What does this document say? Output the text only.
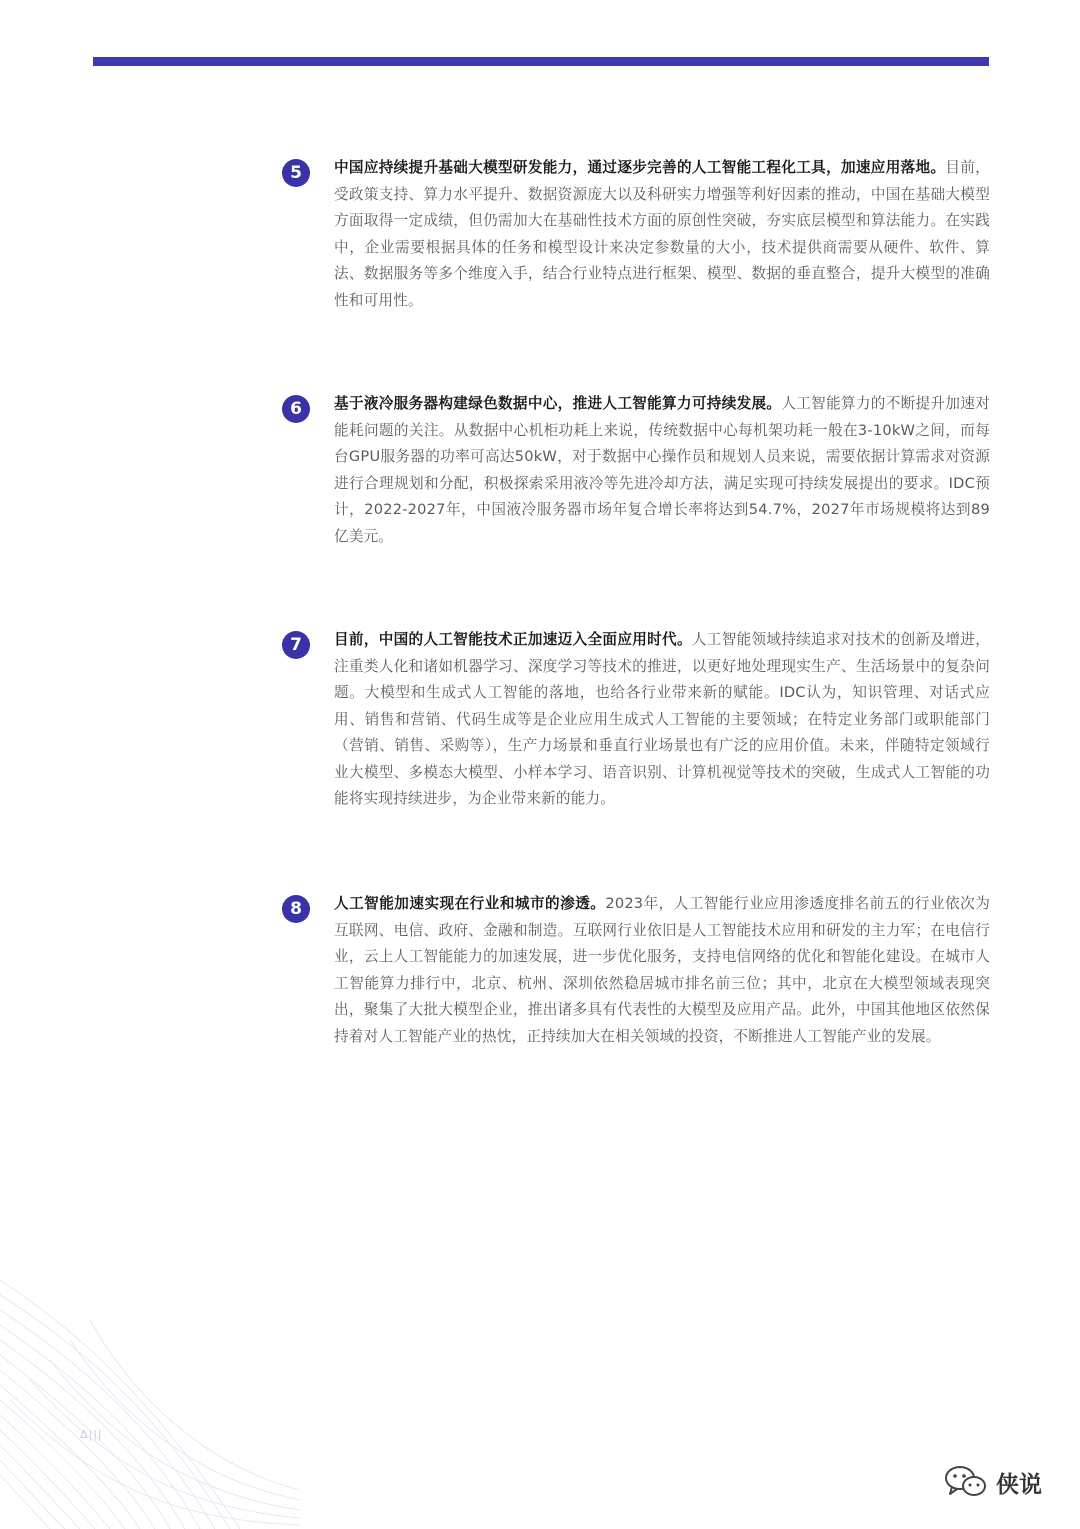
5	中国应持续提升基础大模型研发能力，通过逐步完善的人工智能工程化工具，加速应用落地。目前，受政策支持、算力水平提升、数据资源庞大以及科研实力增强等利好因素的推动，中国在基础大模型方面取得一定成绩，但仍需加大在基础性技术方面的原创性突破，夯实底层模型和算法能力。在实践中，企业需要根据具体的任务和模型设计来决定参数量的大小，技术提供商需要从硬件、软件、算法、数据服务等多个维度入手，结合行业特点进行框架、模型、数据的垂直整合，提升大模型的准确性和可用性。

6	基于液冷服务器构建绿色数据中心，推进人工智能算力可持续发展。人工智能算力的不断提升加速对能耗问题的关注。从数据中心机柜功耗上来说，传统数据中心每机架功耗一般在3-10kW之间，而每台GPU服务器的功率可高达50kW，对于数据中心操作员和规划人员来说，需要依据计算需求对资源进行合理规划和分配，积极探索采用液冷等先进冷却方法，满足实现可持续发展提出的要求。IDC预计，2022-2027年，中国液冷服务器市场年复合增长率将达到54.7%，2027年市场规模将达到89亿美元。

7	目前，中国的人工智能技术正加速迈入全面应用时代。人工智能领域持续追求对技术的创新及增进，注重类人化和诸如机器学习、深度学习等技术的推进，以更好地处理现实生产、生活场景中的复杂问题。大模型和生成式人工智能的落地，也给各行业带来新的赋能。IDC认为，知识管理、对话式应用、销售和营销、代码生成等是企业应用生成式人工智能的主要领域；在特定业务部门或职能部门（营销、销售、采购等），生产力场景和垂直行业场景也有广泛的应用价值。未来，伴随特定领域行业大模型、多模态大模型、小样本学习、语音识别、计算机视觉等技术的突破，生成式人工智能的功能将实现持续进步，为企业带来新的能力。

8	人工智能加速实现在行业和城市的渗透。2023年，人工智能行业应用渗透度排名前五的行业依次为互联网、电信、政府、金融和制造。互联网行业依旧是人工智能技术应用和研发的主力军；在电信行业，云上人工智能能力的加速发展，进一步优化服务，支持电信网络的优化和智能化建设。在城市人工智能算力排行中，北京、杭州、深圳依然稳居城市排名前三位；其中，北京在大模型领域表现突出，聚集了大批大模型企业，推出诸多具有代表性的大模型及应用产品。此外，中国其他地区依然保持着对人工智能产业的热忱，正持续加大在相关领域的投资，不断推进人工智能产业的发展。

Δ|||
侠说
